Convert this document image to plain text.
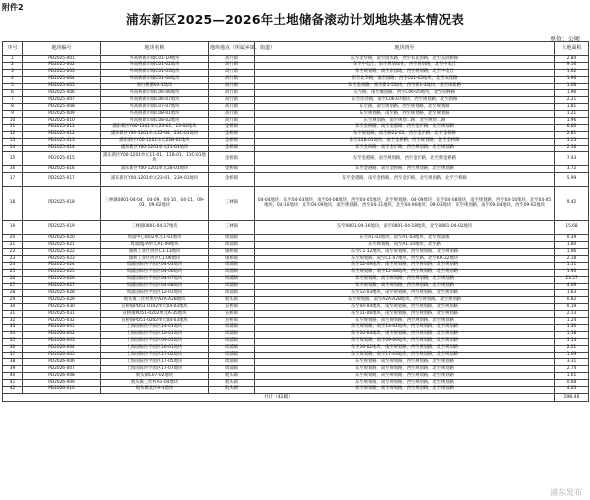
附件2
浦东新区2025—2026年土地储备滚动计划地块基本情况表
单位：公顷
序号	地块编号	地块名称	地块地点（所属乡镇、街道）	地块四至	土地面积
1	PD2025-001	外高桥新市镇C01-19地块	高行镇	东至北华路，南至园农路，西至农花园路，北至东园桥路	2.84
2	PD2025-002	外高桥新市镇C01-02地块	高行镇	东至中电江，南至规划绿化，西至规划路，北至中电江	9.16
3	PD2025-003	外高桥新市镇C01-03地块	高行镇	东至规划路，南至东园地，西至规划路，北至中电江	1.62
4	PD2025-004	外高桥新市镇C01-04地块	高行镇	东至北华路，南至园路，西至C01-05地块，北至农花路	1.96
5	PD2025-005	高行桥港01-1地块	高行镇	东至金高路，南至新1-5地块，西至新1-3地块，北至南新路	1.06
6	PD2025-006	外高桥新市镇C06-06地块	高行镇	东至路，南至城园路，西至C06-05地块，北至园林路	1.96
7	PD2025-007	外高桥新市镇C06-07地块	高行镇	东至洋泾路，南至C06-07地块，西至规划路，北至新路	2.21
8	PD2025-008	外高桥新市镇C07-07地块	高行镇	东至路，南至规划路，西至规划路，北至规划路	1.81
9	PD2025-009	外高桥新市镇C08-01地块	高行镇	东至规划路，南至路，西至规划路，北至规划路	1.21
10	PD2025-010	外高桥新市镇C08-02地块	高行镇	东至规划路，南至规划二路，北至规划二路	1.96
11	PD2025-011	浦东新区Y00-1201单元23-01、23-02地块	金桥镇	东至金桥路，南至金港路，西至金沪路，北至规划路	6.60
12	PD2025-012	浦东新区Y00-1201单元22-04、23C-01地块	金桥镇	东至规划路，南至路22-05，西至金沪路，北至金桥路	2.81
13	PD2025-013	浦东新区Y00-1201单元22B-01地块	金桥镇	东至22B-01地块，南至金桥路，西至规划路，北至金桥路	3.23
14	PD2025-014	浦东新区Y00-1201单元21-01地块	金桥镇	东至金桥路，南至金沪路，西至规划路，北至规划路	2.56
15	PD2025-015	浦东新区Y00-1201单元11-01、11B-01、11C-01地块	金桥镇	东至金港路，南至规划路，西至金沪路，北至新金桥路	7.43
16	PD2025-016	浦东新区Y00-1201单元28-01地块	金桥镇	东至金港路，南至金桥路，西至规划路，北至规划路	3.72
17	PD2025-017	浦东新区Y00-1201单元23-01、23A-01地块	金桥镇	东至金港路，南至金桥路，西至金沪路，北至规划路，北至宁桥路	5.99
18	PD2025-018	三林镇0801-04-04、04-09、04-10、04-11、09-03、09-02地块	三林镇	04-04地块：东至04-03地块，南至04-08地块，西至04-05地块，北至规划路；04-09地块：东至04-08地块，南至规划路，西至04-10地块，北至04-05地块；04-10地块：东至04-09地块，南至规划路，西至04-11地块，北至04-06地块；09-03地块：东至规划路，南至09-04地块，西至09-02地块	9.42
19	PD2025-019	三林镇0801-04-17地块	三林镇	东至0801-04-16地块，南至0801-04-18地块，北至0801-04-02地块	15.68
20	PD2025-020	周浦中心镇02单元1-01地块	周浦镇	东至A1-02地块，南至A1-03地块，北至周浦地	0.39
21	PD2025-021	周浦镇J-A单元A1-09地块	周浦镇	东至规划路，南至A1-10地块，北至路	1.80
22	PD2025-022	康桥工业区西区C1-13地块	康桥镇	东至C1-12地块，南至规划路，西至规划路，北至规划路	1.96
23	PD2025-023	康桥工业区西区C1-06地块	康桥镇	东至规划路，南至C1-07地块，西至路，北至KR-22地块	2.18
24	PD2025-024	周浦国际医学园区04-03地块	周浦镇	东至12-09地块，南至规划路，西至规划路，北至规划路	1.11
25	PD2025-025	周浦国际医学园区04-06地块	周浦镇	东至规划路，南至12-08地块，西至规划路，北至规划路	1.90
26	PD2025-026	周浦国际医学园区04-07地块	周浦镇	东至规划路，南至规划路，西至规划路，北至规划路	23.57
27	PD2025-027	周浦国际医学园区04-08地块	周浦镇	东至规划路，南至规划路，西至规划路，北至规划路	4.09
28	PD2025-028	周浦国际医学园区12-01地块	周浦镇	东至12-03地块，南至规划路，西至规划路，北至规划路	1.63
29	PD2025-029	航头镇三灶村集中A2A-A2B地块	航头镇	东至规划路，南至A2A-A2B地块，西至规划路，北至规划路	0.82
30	PD2025-030	宣桥镇PD51-0102单元04-03地块	宣桥镇	东至04-04地块，南至规划路，西至规划路，北至规划路	0.19
31	PD2025-031	宣桥镇PD51-0202单元A-35地块	宣桥镇	东至11-06地块，南至规划路，西至规划路，北至规划路	2.13
32	PD2025-032	宣桥镇PD51-0202单元04-03地块	宣桥镇	东至规划路，南至规划路，西至规划路，北至规划路	1.24
33	PD2026-001	上海国际医学园区14-01地块	周浦镇	东至规划路，南至14-02地块，西至规划路，北至规划路	1.30
34	PD2026-002	上海国际医学园区10-01地块	周浦镇	东至10-04地块，南至规划路，西至规划路，北至规划路	1.58
35	PD2026-003	上海国际医学园区09-05地块	周浦镇	东至规划路，南至09-06地块，西至规划路，北至规划路	3.14
36	PD2026-004	上海国际医学园区16-01地块	周浦镇	东至16-02地块，南至规划路，西至规划路，北至规划路	2.21
37	PD2026-005	上海国际医学园区17-02地块	周浦镇	东至规划路，南至17-03地块，西至规划路，北至规划路	1.09
38	PD2026-006	上海国际医学园区17-05地块	周浦镇	东至规划路，南至规划路，西至规划路，北至规划路	3.31
39	PD2026-007	上海国际医学园区17-07地块	周浦镇	东至规划路，南至规划路，西至规划路，北至规划路	2.74
40	PD2026-008	航头镇C07-02地块	航头镇	东至规划路，南至规划路，西至规划路，北至规划路	1.01
41	PD2026-009	航头镇三灶村A1-04地块	航头镇	东至规划路，南至规划路，西至规划路，北至规划路	0.68
42	PD2026-010	航头镇北区A-1地块	航头镇	东至规划路，南至规划路，西至规划路，北至规划路	4.03
共计（42幅）					198.46
浦东发布
